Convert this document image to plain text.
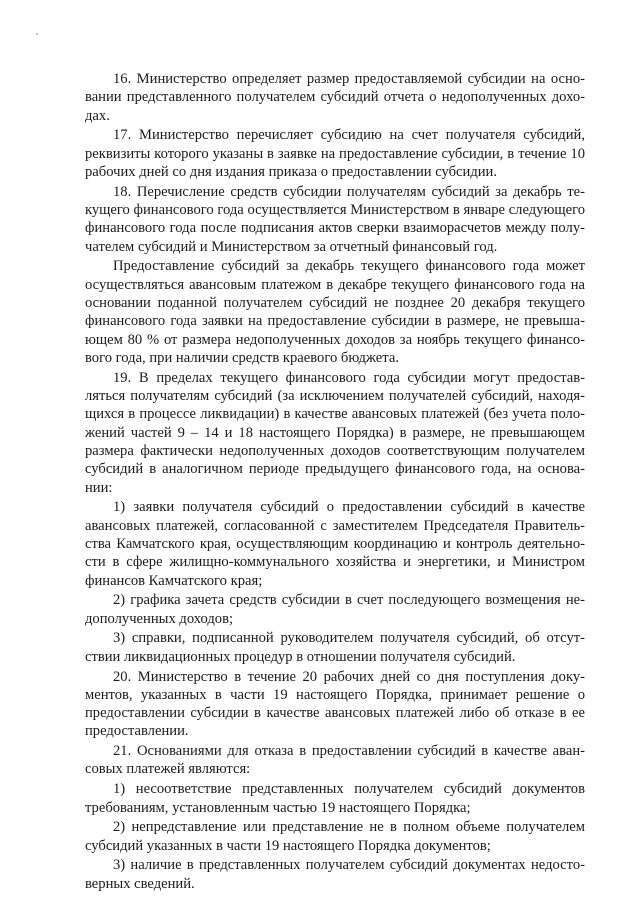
16. Министерство определяет размер предоставляемой субсидии на основании представленного получателем субсидий отчета о недополученных доходах.

17. Министерство перечисляет субсидию на счет получателя субсидий, реквизиты которого указаны в заявке на предоставление субсидии, в течение 10 рабочих дней со дня издания приказа о предоставлении субсидии.

18. Перечисление средств субсидии получателям субсидий за декабрь текущего финансового года осуществляется Министерством в январе следующего финансового года после подписания актов сверки взаиморасчетов между получателем субсидий и Министерством за отчетный финансовый год.

Предоставление субсидий за декабрь текущего финансового года может осуществляться авансовым платежом в декабре текущего финансового года на основании поданной получателем субсидий не позднее 20 декабря текущего финансового года заявки на предоставление субсидии в размере, не превышающем 80 % от размера недополученных доходов за ноябрь текущего финансового года, при наличии средств краевого бюджета.

19. В пределах текущего финансового года субсидии могут предоставляться получателям субсидий (за исключением получателей субсидий, находящихся в процессе ликвидации) в качестве авансовых платежей (без учета положений частей 9 – 14 и 18 настоящего Порядка) в размере, не превышающем размера фактически недополученных доходов соответствующим получателем субсидий в аналогичном периоде предыдущего финансового года, на основании:

1) заявки получателя субсидий о предоставлении субсидий в качестве авансовых платежей, согласованной с заместителем Председателя Правительства Камчатского края, осуществляющим координацию и контроль деятельности в сфере жилищно-коммунального хозяйства и энергетики, и Министром финансов Камчатского края;

2) графика зачета средств субсидии в счет последующего возмещения недополученных доходов;

3) справки, подписанной руководителем получателя субсидий, об отсутствии ликвидационных процедур в отношении получателя субсидий.

20. Министерство в течение 20 рабочих дней со дня поступления документов, указанных в части 19 настоящего Порядка, принимает решение о предоставлении субсидии в качестве авансовых платежей либо об отказе в ее предоставлении.

21. Основаниями для отказа в предоставлении субсидий в качестве авансовых платежей являются:

1) несоответствие представленных получателем субсидий документов требованиям, установленным частью 19 настоящего Порядка;

2) непредставление или представление не в полном объеме получателем субсидий указанных в части 19 настоящего Порядка документов;

3) наличие в представленных получателем субсидий документах недостоверных сведений.
